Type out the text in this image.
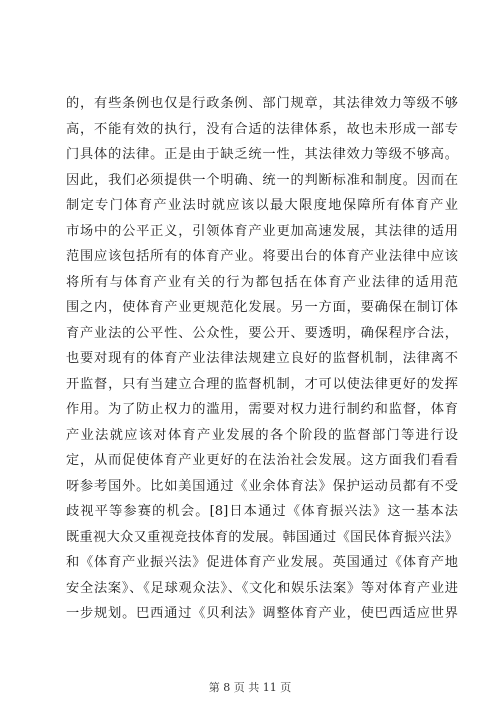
的，有些条例也仅是行政条例、部门规章，其法律效力等级不够
高，不能有效的执行，没有合适的法律体系，故也未形成一部专
门具体的法律。正是由于缺乏统一性，其法律效力等级不够高。
因此，我们必须提供一个明确、统一的判断标准和制度。因而在
制定专门体育产业法时就应该以最大限度地保障所有体育产业
市场中的公平正义，引领体育产业更加高速发展，其法律的适用
范围应该包括所有的体育产业。将要出台的体育产业法律中应该
将所有与体育产业有关的行为都包括在体育产业法律的适用范
围之内，使体育产业更规范化发展。另一方面，要确保在制订体
育产业法的公平性、公众性，要公开、要透明，确保程序合法，
也要对现有的体育产业法律法规建立良好的监督机制，法律离不
开监督，只有当建立合理的监督机制，才可以使法律更好的发挥
作用。为了防止权力的滥用，需要对权力进行制约和监督，体育
产业法就应该对体育产业发展的各个阶段的监督部门等进行设
定，从而促使体育产业更好的在法治社会发展。这方面我们看看
呀参考国外。比如美国通过《业余体育法》保护运动员都有不受
歧视平等参赛的机会。[8]日本通过《体育振兴法》这一基本法
既重视大众又重视竞技体育的发展。韩国通过《国民体育振兴法》
和《体育产业振兴法》促进体育产业发展。英国通过《体育产地
安全法案》、《足球观众法》、《文化和娱乐法案》等对体育产业进
一步规划。巴西通过《贝利法》调整体育产业，使巴西适应世界
第 8 页 共 11 页
